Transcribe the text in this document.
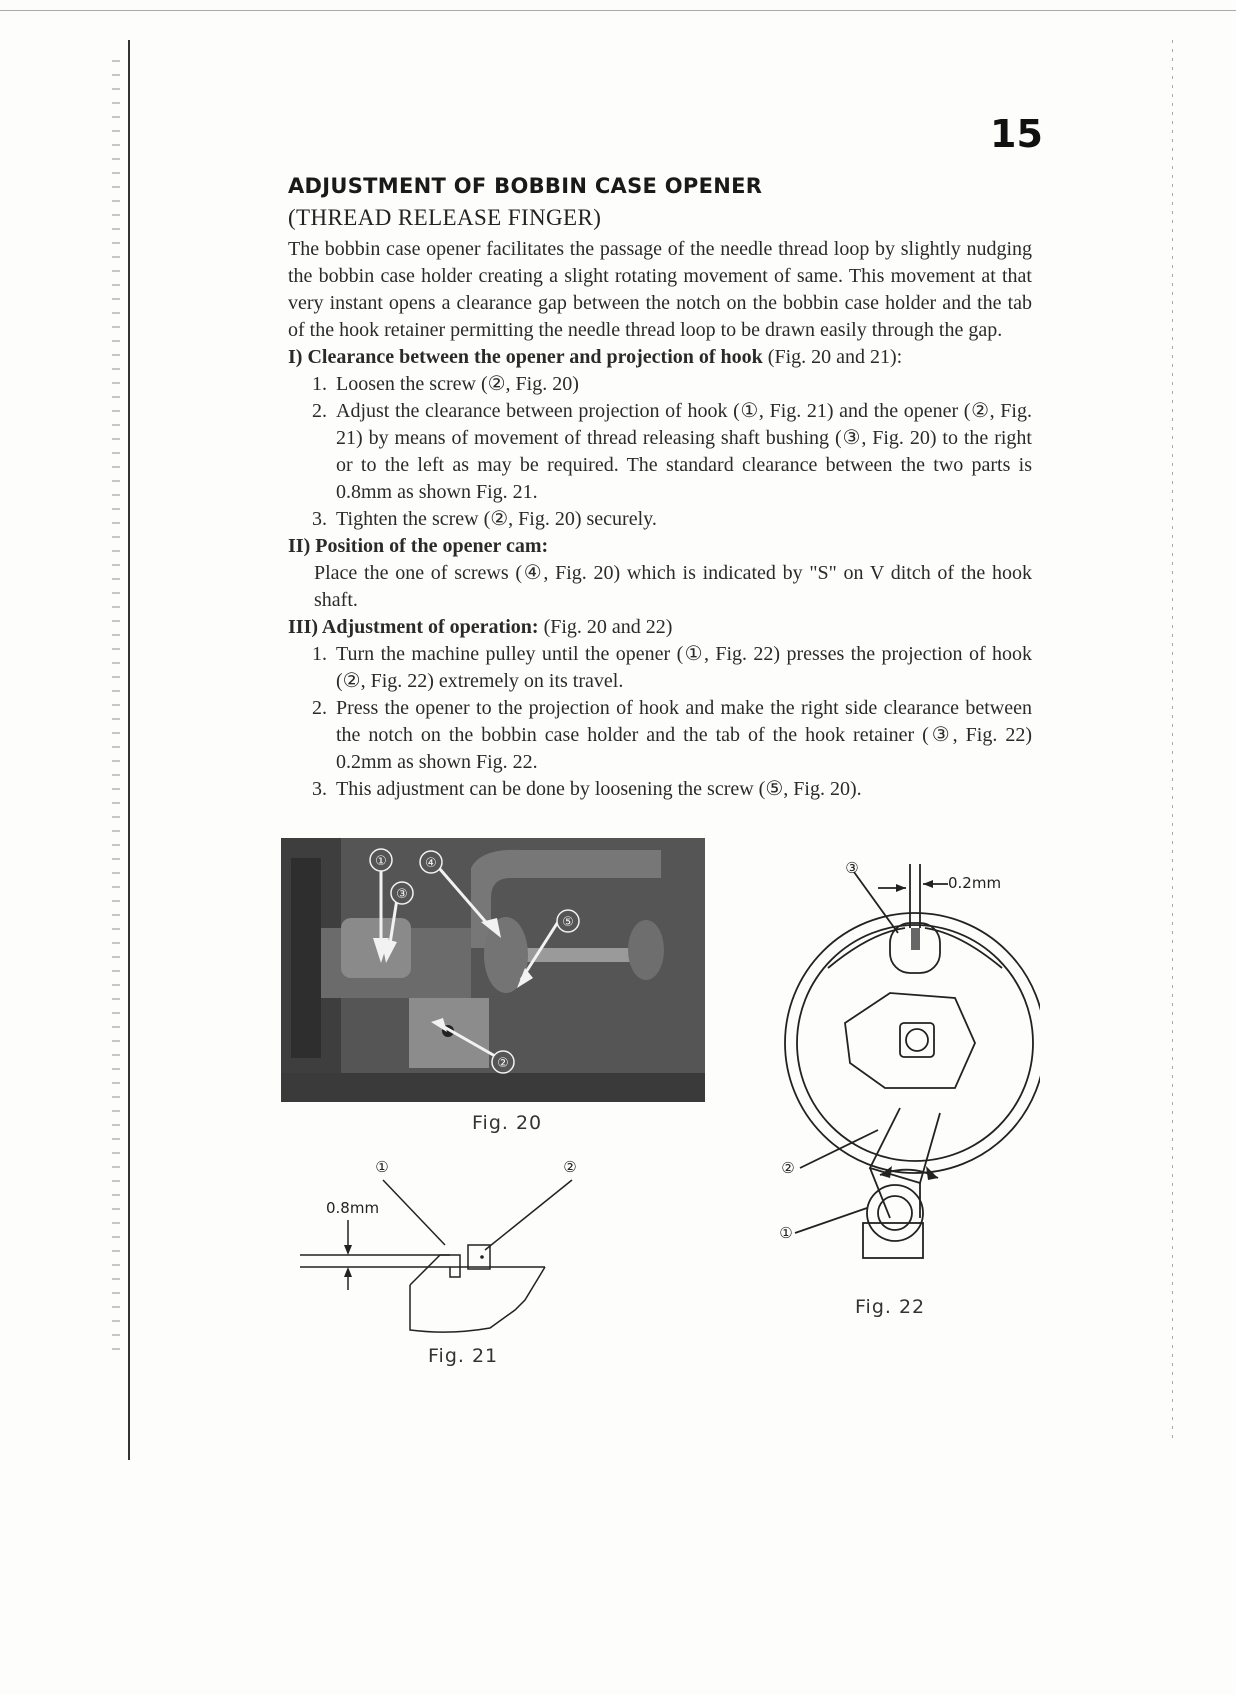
15
ADJUSTMENT OF BOBBIN CASE OPENER
(THREAD RELEASE FINGER)

The bobbin case opener facilitates the passage of the needle thread loop by slightly nudging the bobbin case holder creating a slight rotating movement of same. This movement at that very instant opens a clearance gap between the notch on the bobbin case holder and the tab of the hook retainer permitting the needle thread loop to be drawn easily through the gap.

I) Clearance between the opener and projection of hook (Fig. 20 and 21):

1. Loosen the screw (②, Fig. 20)
2. Adjust the clearance between projection of hook (①, Fig. 21) and the opener (②, Fig. 21) by means of movement of thread releasing shaft bushing (③, Fig. 20) to the right or to the left as may be required. The standard clearance between the two parts is 0.8mm as shown Fig. 21.
3. Tighten the screw (②, Fig. 20) securely.

II) Position of the opener cam:

Place the one of screws (④, Fig. 20) which is indicated by "S" on V ditch of the hook shaft.

III) Adjustment of operation: (Fig. 20 and 22)

1. Turn the machine pulley until the opener (①, Fig. 22) presses the projection of hook (②, Fig. 22) extremely on its travel.
2. Press the opener to the projection of hook and make the right side clearance between the notch on the bobbin case holder and the tab of the hook retainer (③, Fig. 22) 0.2mm as shown Fig. 22.
3. This adjustment can be done by loosening the screw (⑤, Fig. 20).
①	④
③
⑤
②
Fig. 20
①	②
0.8mm
Fig. 21
③
0.2mm
②
①
Fig. 22
